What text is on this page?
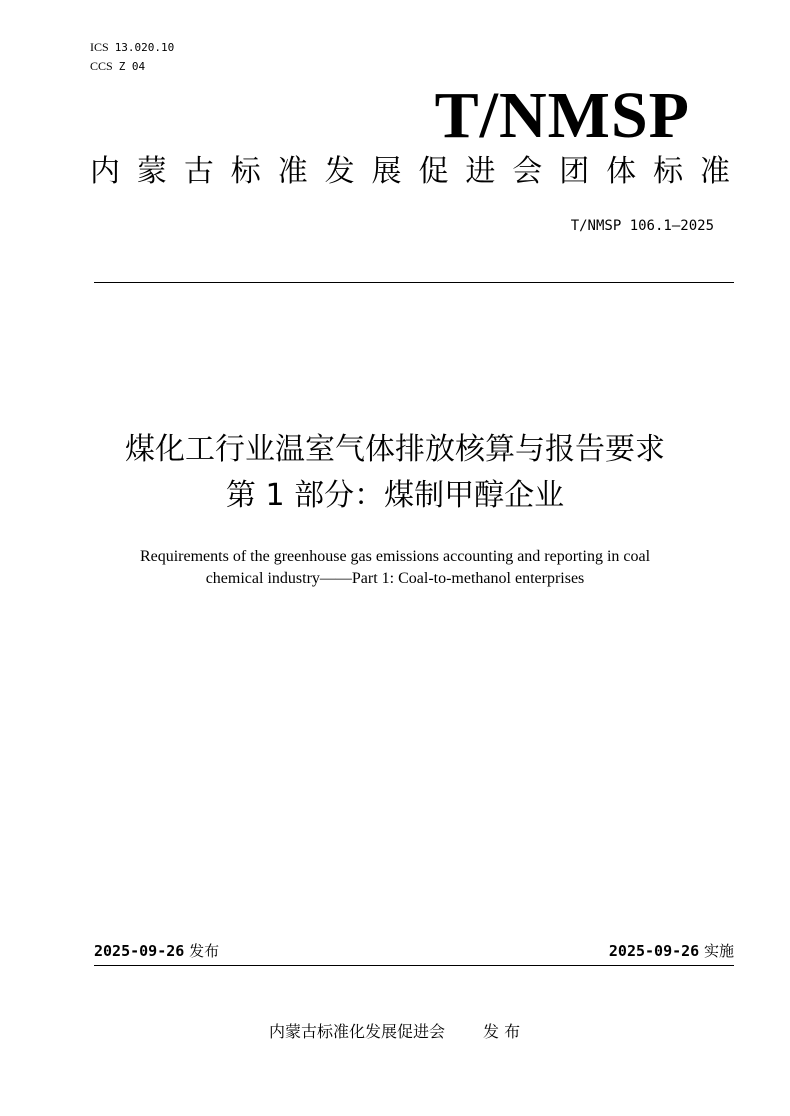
ICS 13.020.10
CCS Z 04
T/NMSP
内 蒙 古 标 准 发 展 促 进 会 团 体 标 准
T/NMSP 106.1—2025
煤化工行业温室气体排放核算与报告要求
第 1 部分：煤制甲醇企业
Requirements of the greenhouse gas emissions accounting and reporting in coal
chemical industry——Part 1: Coal-to-methanol enterprises
2025-09-26 发布	2025-09-26 实施
内蒙古标准化发展促进会 发 布
